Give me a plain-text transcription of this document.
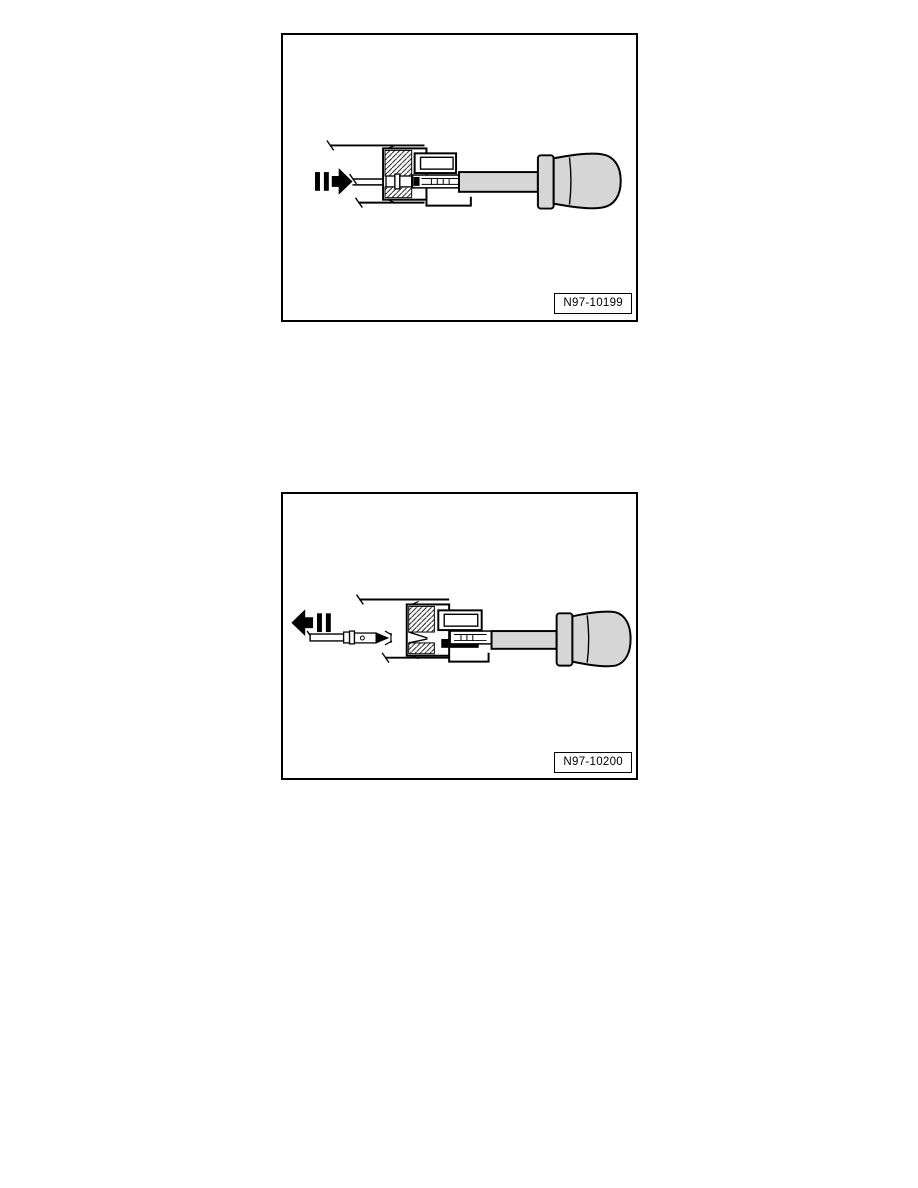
N97-10199
N97-10200
